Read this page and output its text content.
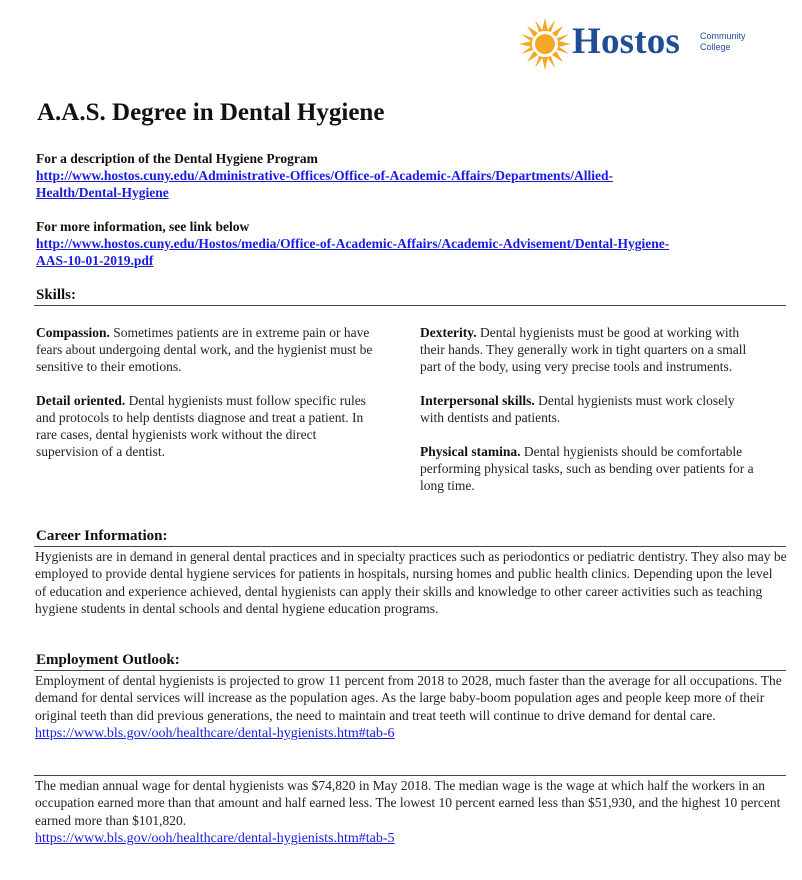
Hostos Community
College
A.A.S. Degree in Dental Hygiene
For a description of the Dental Hygiene Program
http://www.hostos.cuny.edu/Administrative-Offices/Office-of-Academic-Affairs/Departments/Allied-
Health/Dental-Hygiene
For more information, see link below
http://www.hostos.cuny.edu/Hostos/media/Office-of-Academic-Affairs/Academic-Advisement/Dental-Hygiene-
AAS-10-01-2019.pdf
Skills:

Compassion. Sometimes patients are in extreme pain or have fears about undergoing dental work, and the hygienist must be sensitive to their emotions.

Detail oriented. Dental hygienists must follow specific rules and protocols to help dentists diagnose and treat a patient. In rare cases, dental hygienists work without the direct supervision of a dentist.

Dexterity. Dental hygienists must be good at working with their hands. They generally work in tight quarters on a small part of the body, using very precise tools and instruments.

Interpersonal skills. Dental hygienists must work closely with dentists and patients.

Physical stamina. Dental hygienists should be comfortable performing physical tasks, such as bending over patients for a long time.

Career Information:
Hygienists are in demand in general dental practices and in specialty practices such as periodontics or pediatric dentistry. They also may be employed to provide dental hygiene services for patients in hospitals, nursing homes and public health clinics. Depending upon the level of education and experience achieved, dental hygienists can apply their skills and knowledge to other career activities such as teaching hygiene students in dental schools and dental hygiene education programs.
Employment Outlook:
Employment of dental hygienists is projected to grow 11 percent from 2018 to 2028, much faster than the average for all occupations. The demand for dental services will increase as the population ages. As the large baby-boom population ages and people keep more of their original teeth than did previous generations, the need to maintain and treat teeth will continue to drive demand for dental care.
https://www.bls.gov/ooh/healthcare/dental-hygienists.htm#tab-6
The median annual wage for dental hygienists was $74,820 in May 2018. The median wage is the wage at which half the workers in an occupation earned more than that amount and half earned less. The lowest 10 percent earned less than $51,930, and the highest 10 percent earned more than $101,820.
https://www.bls.gov/ooh/healthcare/dental-hygienists.htm#tab-5
